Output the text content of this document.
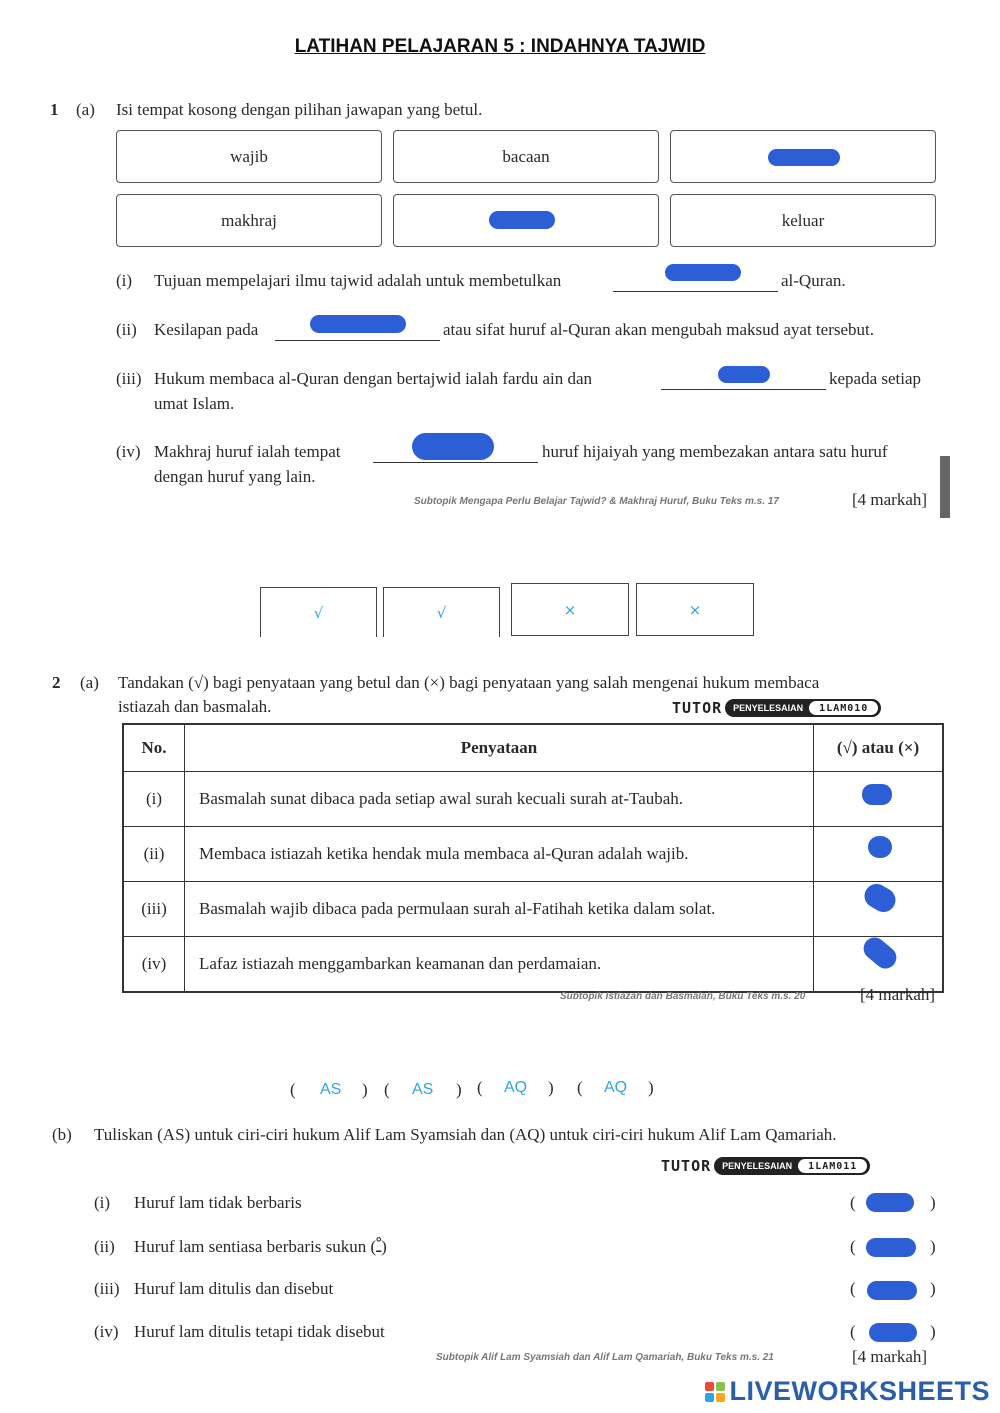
LATIHAN PELAJARAN 5 : INDAHNYA TAJWID
1 (a) Isi tempat kosong dengan pilihan jawapan yang betul.
wajib	bacaan
makhraj	keluar
(i) Tujuan mempelajari ilmu tajwid adalah untuk membetulkan	al-Quran.
(ii) Kesilapan pada	atau sifat huruf al-Quran akan mengubah maksud ayat tersebut.
(iii) Hukum membaca al-Quran dengan bertajwid ialah fardu ain dan	kepada setiap
umat Islam.
(iv) Makhraj huruf ialah tempat	huruf hijaiyah yang membezakan antara satu huruf
dengan huruf yang lain.
Subtopik Mengapa Perlu Belajar Tajwid? & Makhraj Huruf, Buku Teks m.s. 17	[4 markah]
√	√	×	×
2 (a) Tandakan (√) bagi penyataan yang betul dan (×) bagi penyataan yang salah mengenai hukum membaca
istiazah dan basmalah.	TUTOR PENYELESAIAN	1LAM010
No.	Penyataan	(√) atau (×)
(i)	Basmalah sunat dibaca pada setiap awal surah kecuali surah at-Taubah.	
(ii)	Membaca istiazah ketika hendak mula membaca al-Quran adalah wajib.	
(iii)	Basmalah wajib dibaca pada permulaan surah al-Fatihah ketika dalam solat.	
(iv)	Lafaz istiazah menggambarkan keamanan dan perdamaian.	
Subtopik Istiazah dan Basmalah, Buku Teks m.s. 20	[4 markah]
( AS ) ( AS ) ( AQ ) ( AQ )
(b) Tuliskan (AS) untuk ciri-ciri hukum Alif Lam Syamsiah dan (AQ) untuk ciri-ciri hukum Alif Lam Qamariah.
TUTOR PENYELESAIAN	1LAM011
(i) Huruf lam tidak berbaris	(	)
(ii) Huruf lam sentiasa berbaris sukun (ـْ)	(	)
(iii) Huruf lam ditulis dan disebut	(	)
(iv) Huruf lam ditulis tetapi tidak disebut	(	)
Subtopik Alif Lam Syamsiah dan Alif Lam Qamariah, Buku Teks m.s. 21	[4 markah]
LIVEWORKSHEETS
